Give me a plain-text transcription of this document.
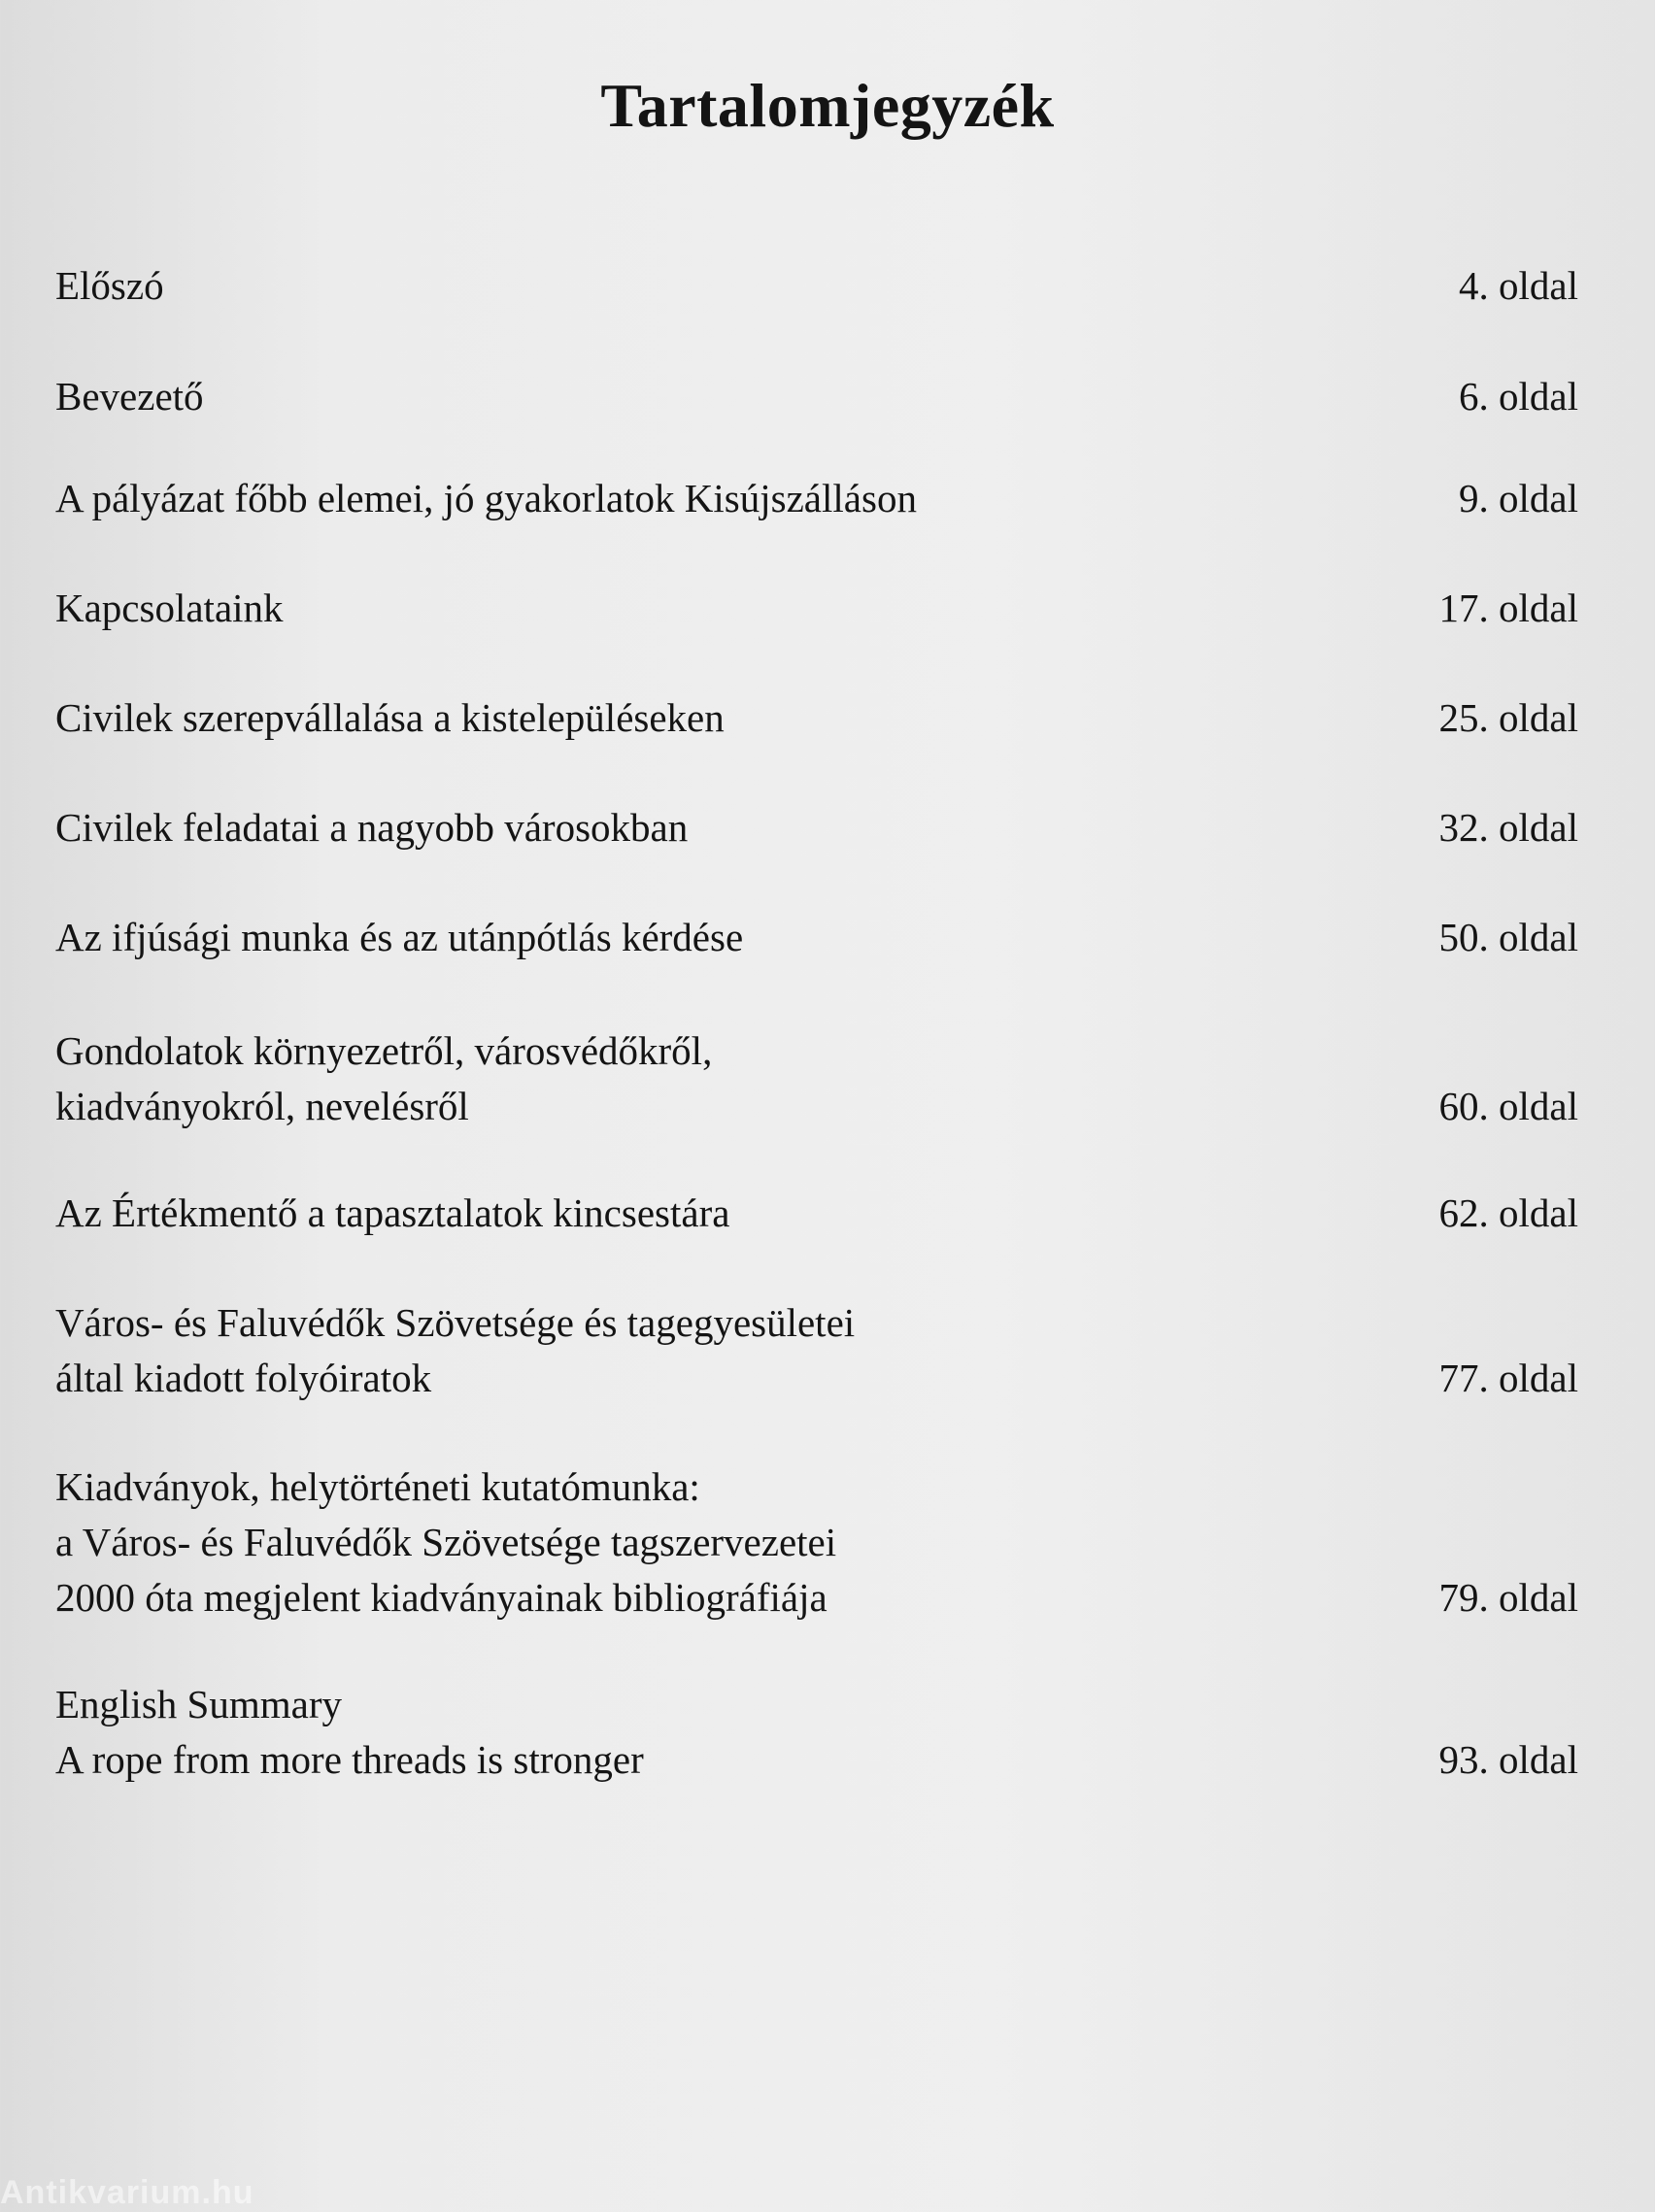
Tartalomjegyzék
Előszó	4. oldal
Bevezető	6. oldal
A pályázat főbb elemei, jó gyakorlatok Kisújszálláson	9. oldal
Kapcsolataink	17. oldal
Civilek szerepvállalása a kistelepüléseken	25. oldal
Civilek feladatai a nagyobb városokban	32. oldal
Az ifjúsági munka és az utánpótlás kérdése	50. oldal
Gondolatok környezetről, városvédőkről,
kiadványokról, nevelésről	60. oldal
Az Értékmentő a tapasztalatok kincsestára	62. oldal
Város- és Faluvédők Szövetsége és tagegyesületei
által kiadott folyóiratok	77. oldal
Kiadványok, helytörténeti kutatómunka:
a Város- és Faluvédők Szövetsége tagszervezetei
2000 óta megjelent kiadványainak bibliográfiája	79. oldal
English Summary
A rope from more threads is stronger	93. oldal
Antikvarium.hu
